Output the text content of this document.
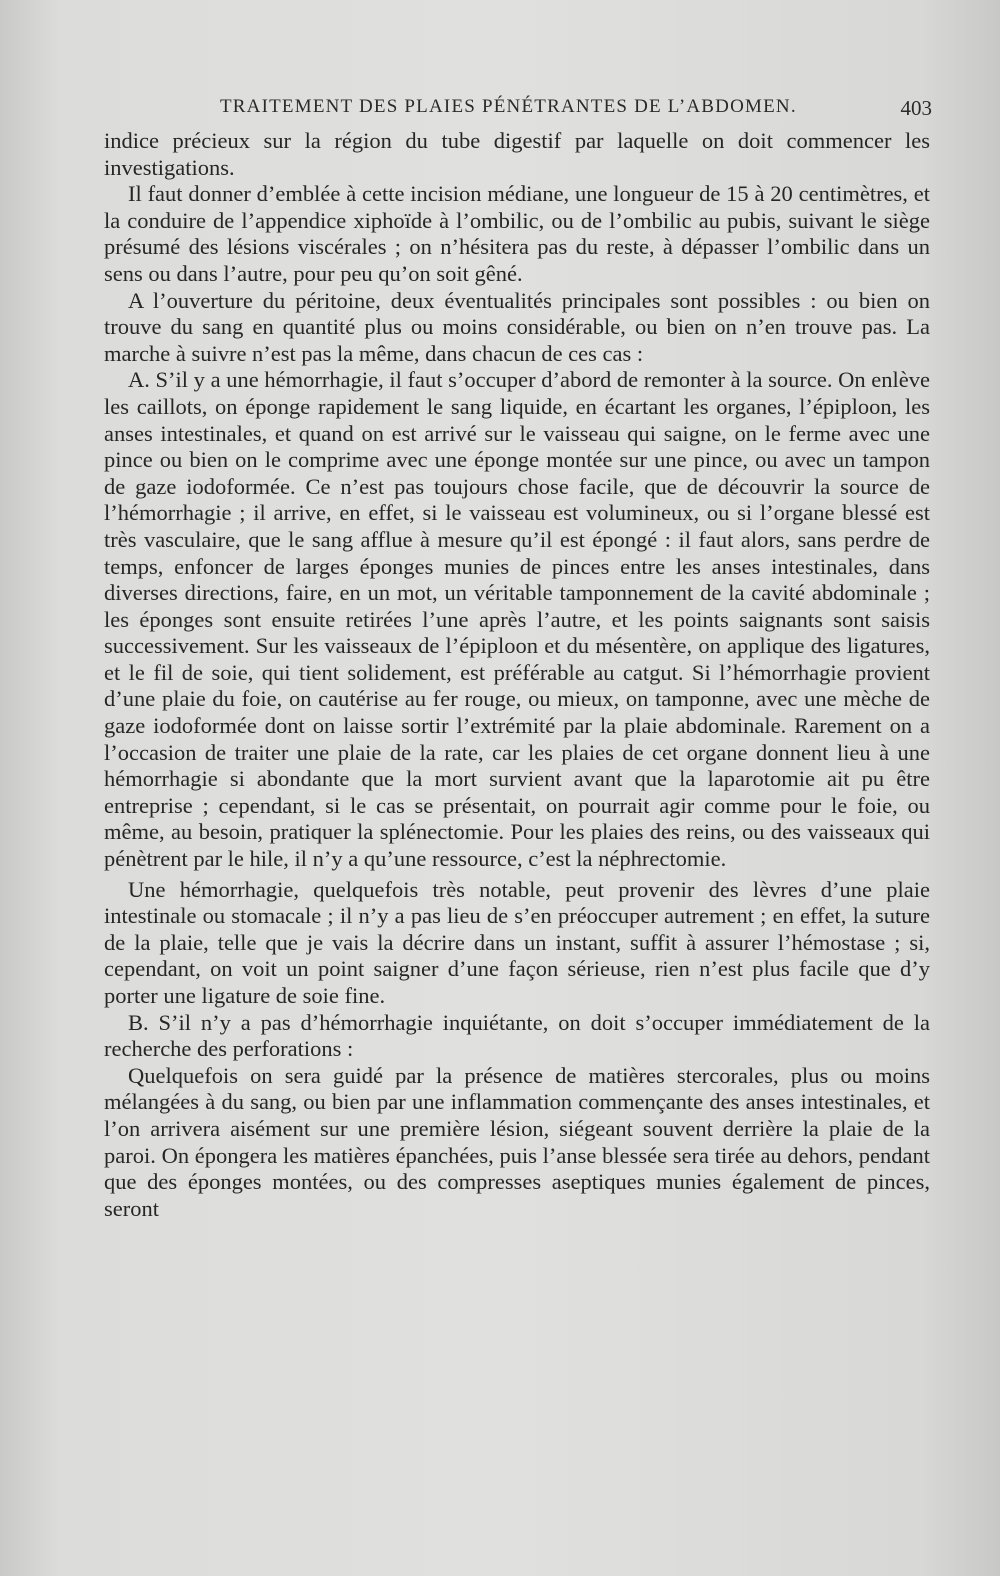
TRAITEMENT DES PLAIES PÉNÉTRANTES DE L’ABDOMEN.	403

indice précieux sur la région du tube digestif par laquelle on doit commencer les investigations.

Il faut donner d’emblée à cette incision médiane, une longueur de 15 à 20 centimètres, et la conduire de l’appendice xiphoïde à l’ombilic, ou de l’ombilic au pubis, suivant le siège présumé des lésions viscérales ; on n’hésitera pas du reste, à dépasser l’ombilic dans un sens ou dans l’autre, pour peu qu’on soit gêné.

A l’ouverture du péritoine, deux éventualités principales sont possibles : ou bien on trouve du sang en quantité plus ou moins considérable, ou bien on n’en trouve pas. La marche à suivre n’est pas la même, dans chacun de ces cas :

A. S’il y a une hémorrhagie, il faut s’occuper d’abord de remonter à la source. On enlève les caillots, on éponge rapidement le sang liquide, en écartant les organes, l’épiploon, les anses intestinales, et quand on est arrivé sur le vaisseau qui saigne, on le ferme avec une pince ou bien on le comprime avec une éponge montée sur une pince, ou avec un tampon de gaze iodoformée. Ce n’est pas toujours chose facile, que de découvrir la source de l’hémorrhagie ; il arrive, en effet, si le vaisseau est volumineux, ou si l’organe blessé est très vasculaire, que le sang afflue à mesure qu’il est épongé : il faut alors, sans perdre de temps, enfoncer de larges éponges munies de pinces entre les anses intestinales, dans diverses directions, faire, en un mot, un véritable tamponnement de la cavité abdominale ; les éponges sont ensuite retirées l’une après l’autre, et les points saignants sont saisis successivement. Sur les vaisseaux de l’épiploon et du mésentère, on applique des ligatures, et le fil de soie, qui tient solidement, est préférable au catgut. Si l’hémorrhagie provient d’une plaie du foie, on cautérise au fer rouge, ou mieux, on tamponne, avec une mèche de gaze iodoformée dont on laisse sortir l’extrémité par la plaie abdominale. Rarement on a l’occasion de traiter une plaie de la rate, car les plaies de cet organe donnent lieu à une hémorrhagie si abondante que la mort survient avant que la laparotomie ait pu être entreprise ; cependant, si le cas se présentait, on pourrait agir comme pour le foie, ou même, au besoin, pratiquer la splénectomie. Pour les plaies des reins, ou des vaisseaux qui pénètrent par le hile, il n’y a qu’une ressource, c’est la néphrectomie.

Une hémorrhagie, quelquefois très notable, peut provenir des lèvres d’une plaie intestinale ou stomacale ; il n’y a pas lieu de s’en préoccuper autrement ; en effet, la suture de la plaie, telle que je vais la décrire dans un instant, suffit à assurer l’hémostase ; si, cependant, on voit un point saigner d’une façon sérieuse, rien n’est plus facile que d’y porter une ligature de soie fine.

B. S’il n’y a pas d’hémorrhagie inquiétante, on doit s’occuper immédiatement de la recherche des perforations :

Quelquefois on sera guidé par la présence de matières stercorales, plus ou moins mélangées à du sang, ou bien par une inflammation commençante des anses intestinales, et l’on arrivera aisément sur une première lésion, siégeant souvent derrière la plaie de la paroi. On épongera les matières épanchées, puis l’anse blessée sera tirée au dehors, pendant que des éponges montées, ou des compresses aseptiques munies également de pinces, seront
